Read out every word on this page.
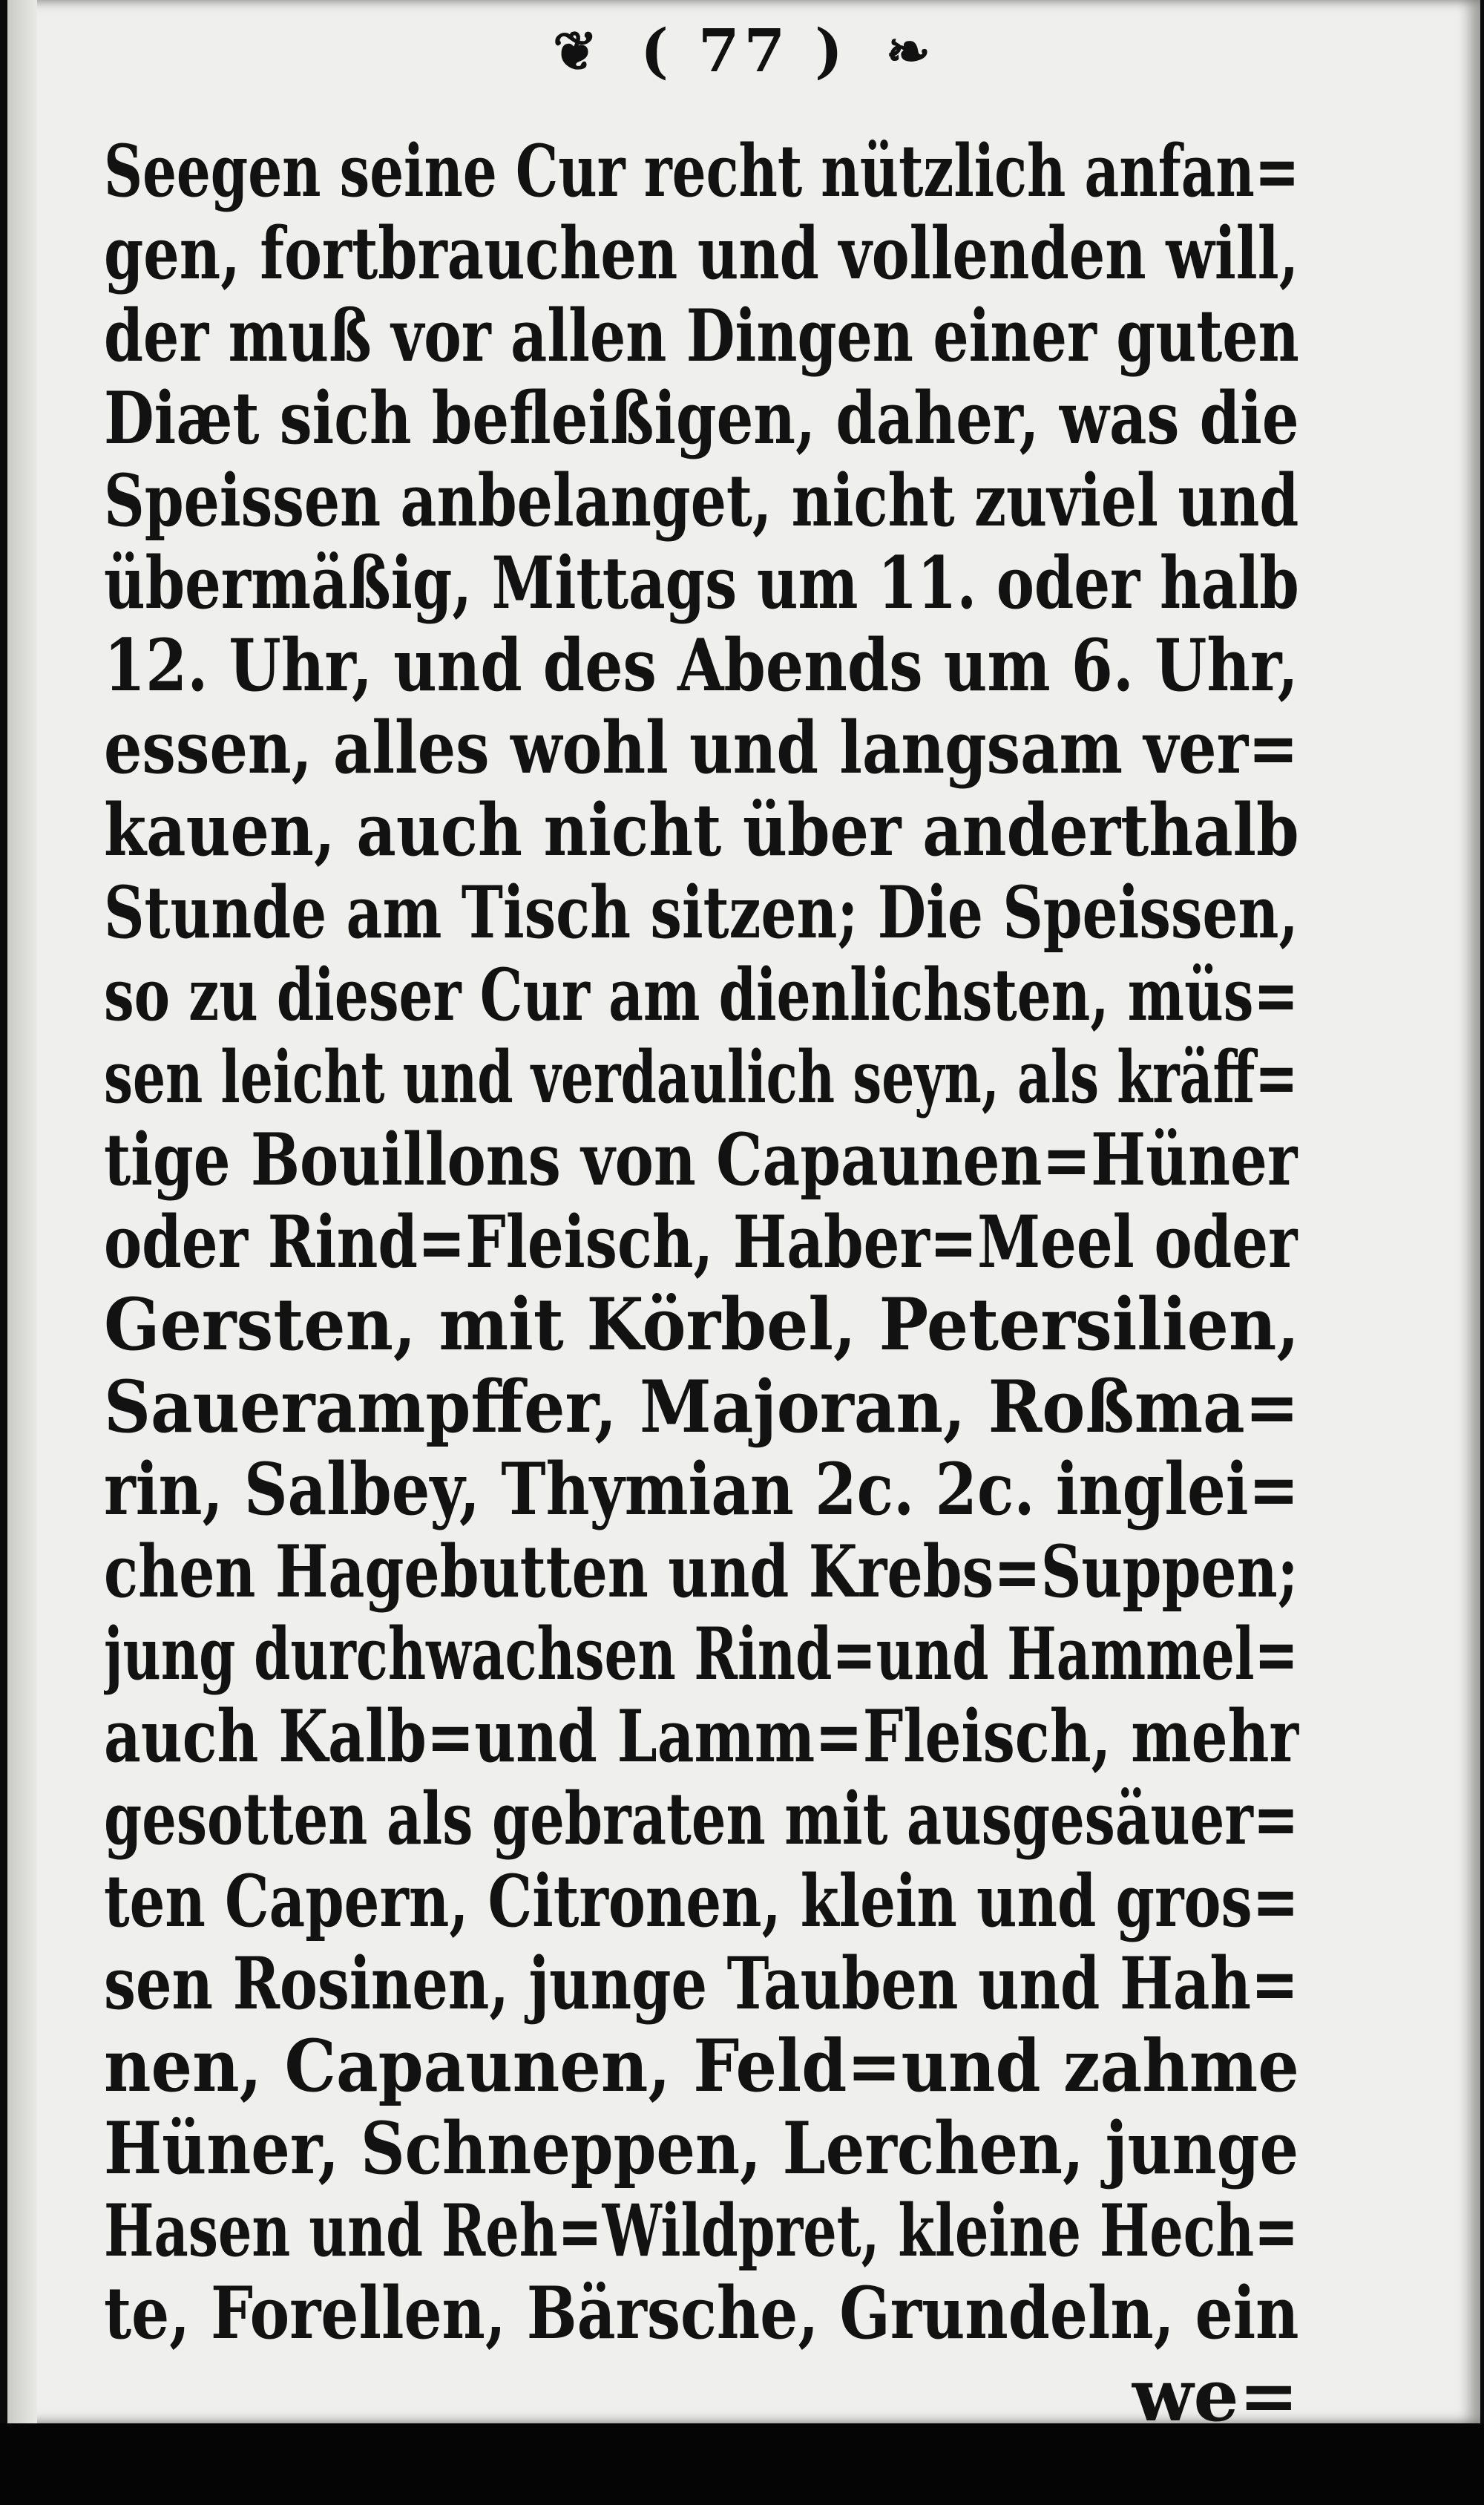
❦ ( 77 ) ❧
Seegen seine Cur recht nützlich anfan=
gen, fortbrauchen und vollenden will,
der muß vor allen Dingen einer guten
Diæt sich befleißigen, daher, was die
Speissen anbelanget, nicht zuviel und
übermäßig, Mittags um 11. oder halb
12. Uhr, und des Abends um 6. Uhr,
essen, alles wohl und langsam ver=
kauen, auch nicht über anderthalb
Stunde am Tisch sitzen; Die Speissen,
so zu dieser Cur am dienlichsten, müs=
sen leicht und verdaulich seyn, als kräff=
tige Bouillons von Capaunen=Hüner
oder Rind=Fleisch, Haber=Meel oder
Gersten, mit Körbel, Petersilien,
Sauerampffer, Majoran, Roßma=
rin, Salbey, Thymian 2c. 2c. inglei=
chen Hagebutten und Krebs=Suppen;
jung durchwachsen Rind=und Hammel=
auch Kalb=und Lamm=Fleisch, mehr
gesotten als gebraten mit ausgesäuer=
ten Capern, Citronen, klein und gros=
sen Rosinen, junge Tauben und Hah=
nen, Capaunen, Feld=und zahme
Hüner, Schneppen, Lerchen, junge
Hasen und Reh=Wildpret, kleine Hech=
te, Forellen, Bärsche, Grundeln, ein
we=
